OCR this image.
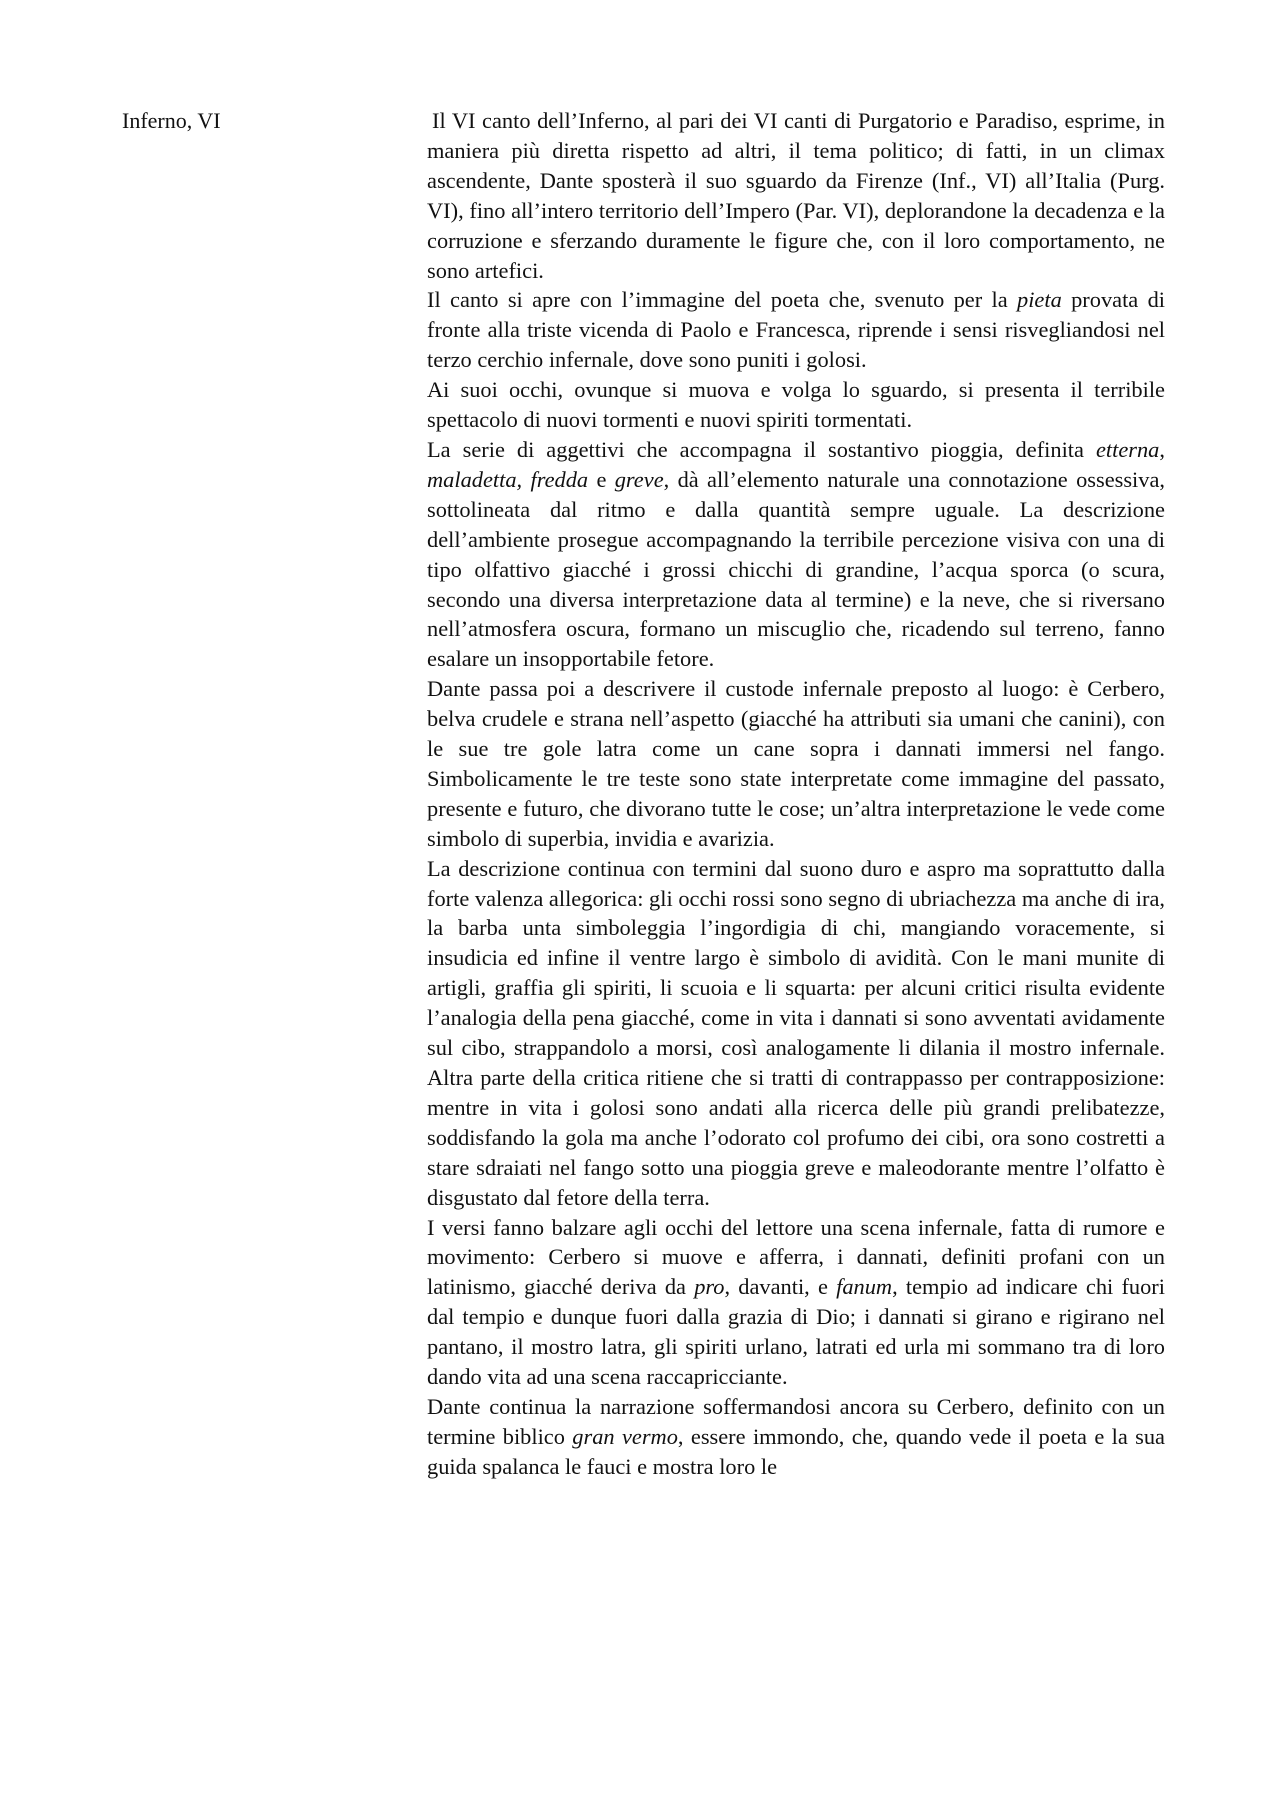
Inferno, VI	Il VI canto dell’Inferno, al pari dei VI canti di Purgatorio e Paradiso, esprime, in maniera più diretta rispetto ad altri, il tema politico; di fatti, in un climax ascendente, Dante sposterà il suo sguardo da Firenze (Inf., VI) all’Italia (Purg. VI), fino all’intero territorio dell’Impero (Par. VI), deplorandone la decadenza e la corruzione e sferzando duramente le figure che, con il loro comportamento, ne sono artefici.

Il canto si apre con l’immagine del poeta che, svenuto per la pieta provata di fronte alla triste vicenda di Paolo e Francesca, riprende i sensi risvegliandosi nel terzo cerchio infernale, dove sono puniti i golosi.

Ai suoi occhi, ovunque si muova e volga lo sguardo, si presenta il terribile spettacolo di nuovi tormenti e nuovi spiriti tormentati.

La serie di aggettivi che accompagna il sostantivo pioggia, definita etterna, maladetta, fredda e greve, dà all’elemento naturale una connotazione ossessiva, sottolineata dal ritmo e dalla quantità sempre uguale. La descrizione dell’ambiente prosegue accompagnando la terribile percezione visiva con una di tipo olfattivo giacché i grossi chicchi di grandine, l’acqua sporca (o scura, secondo una diversa interpretazione data al termine) e la neve, che si riversano nell’atmosfera oscura, formano un miscuglio che, ricadendo sul terreno, fanno esalare un insopportabile fetore.

Dante passa poi a descrivere il custode infernale preposto al luogo: è Cerbero, belva crudele e strana nell’aspetto (giacché ha attributi sia umani che canini), con le sue tre gole latra come un cane sopra i dannati immersi nel fango. Simbolicamente le tre teste sono state interpretate come immagine del passato, presente e futuro, che divorano tutte le cose; un’altra interpretazione le vede come simbolo di superbia, invidia e avarizia.

La descrizione continua con termini dal suono duro e aspro ma soprattutto dalla forte valenza allegorica: gli occhi rossi sono segno di ubriachezza ma anche di ira, la barba unta simboleggia l’ingordigia di chi, mangiando voracemente, si insudicia ed infine il ventre largo è simbolo di avidità. Con le mani munite di artigli, graffia gli spiriti, li scuoia e li squarta: per alcuni critici risulta evidente l’analogia della pena giacché, come in vita i dannati si sono avventati avidamente sul cibo, strappandolo a morsi, così analogamente li dilania il mostro infernale. Altra parte della critica ritiene che si tratti di contrappasso per contrapposizione: mentre in vita i golosi sono andati alla ricerca delle più grandi prelibatezze, soddisfando la gola ma anche l’odorato col profumo dei cibi, ora sono costretti a stare sdraiati nel fango sotto una pioggia greve e maleodorante mentre l’olfatto è disgustato dal fetore della terra.

I versi fanno balzare agli occhi del lettore una scena infernale, fatta di rumore e movimento: Cerbero si muove e afferra, i dannati, definiti profani con un latinismo, giacché deriva da pro, davanti, e fanum, tempio ad indicare chi fuori dal tempio e dunque fuori dalla grazia di Dio; i dannati si girano e rigirano nel pantano, il mostro latra, gli spiriti urlano, latrati ed urla mi sommano tra di loro dando vita ad una scena raccapricciante.

Dante continua la narrazione soffermandosi ancora su Cerbero, definito con un termine biblico gran vermo, essere immondo, che, quando vede il poeta e la sua guida spalanca le fauci e mostra loro le
